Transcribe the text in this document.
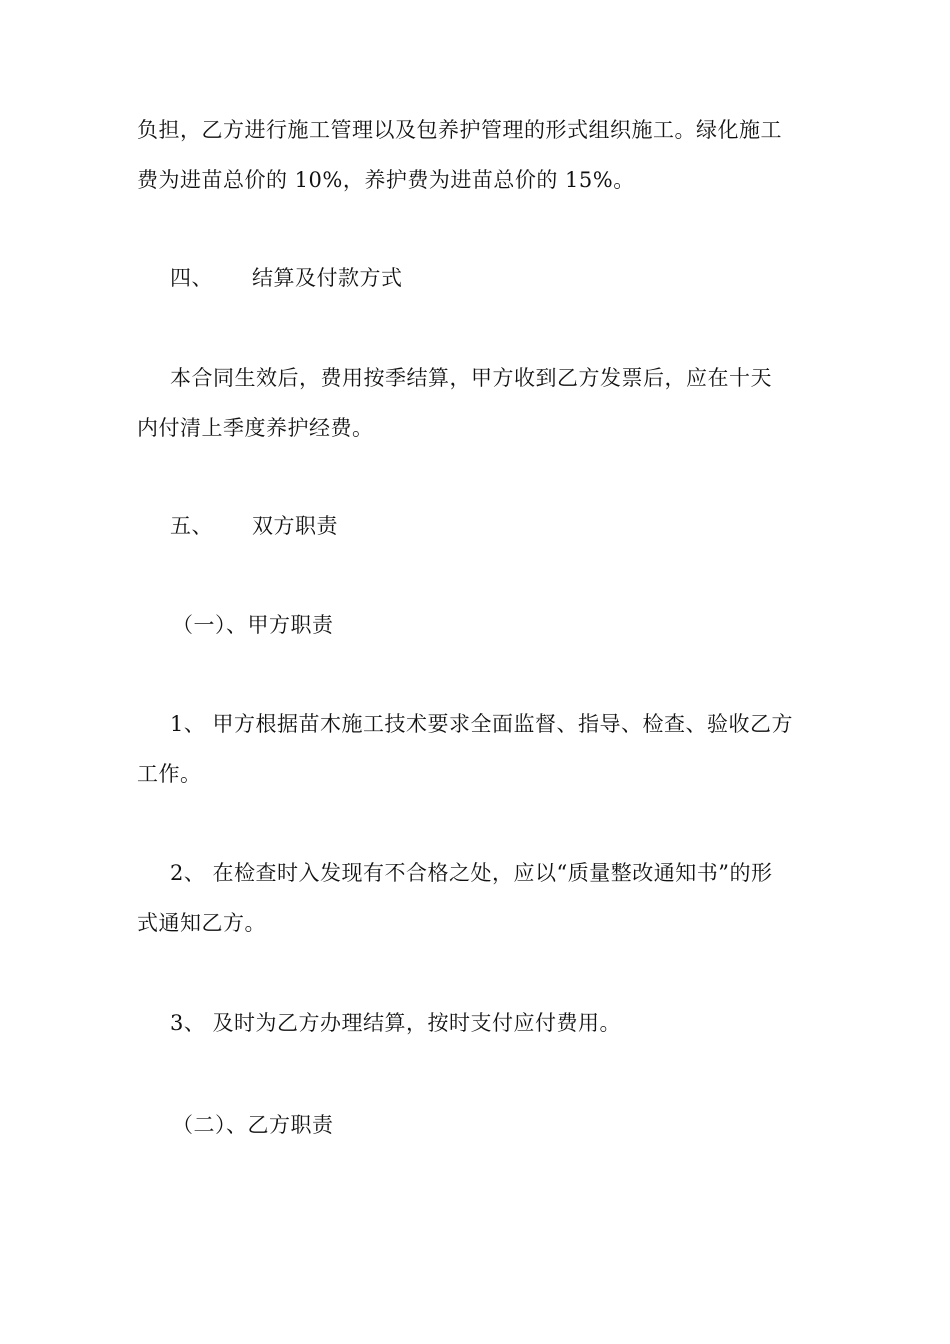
负担，乙方进行施工管理以及包养护管理的形式组织施工。绿化施工
费为进苗总价的 10%，养护费为进苗总价的 15%。
四、 结算及付款方式
本合同生效后，费用按季结算，甲方收到乙方发票后，应在十天
内付清上季度养护经费。
五、 双方职责
（一）、甲方职责
1、 甲方根据苗木施工技术要求全面监督、指导、检查、验收乙方
工作。
2、 在检查时入发现有不合格之处，应以“质量整改通知书”的形
式通知乙方。
3、 及时为乙方办理结算，按时支付应付费用。
（二）、乙方职责
